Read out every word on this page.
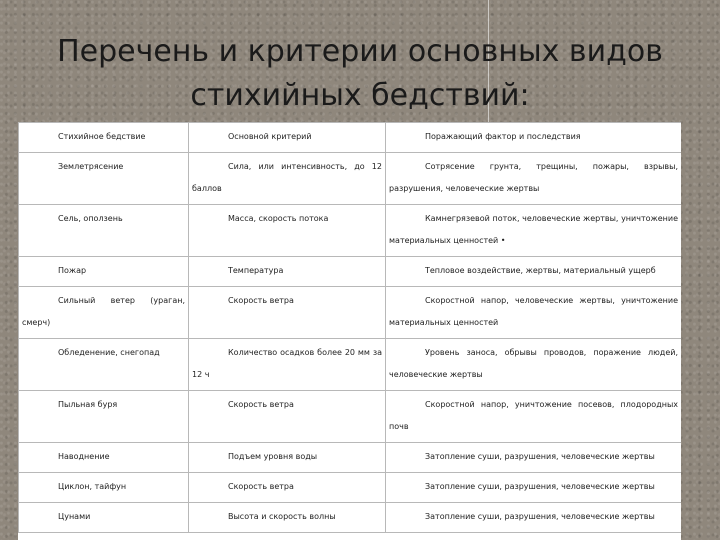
Перечень и критерии основных видов
стихийных бедствий:
Стихийное бедствие	Основной критерий	Поражающий фактор и последствия

Землетрясение	Сила, или интенсивность, до 12 баллов	Сотрясение грунта, трещины, пожары, взрывы, разрушения, человеческие жертвы

Сель, оползень	Масса, скорость потока	Камнегрязевой поток, человеческие жертвы, уничтожение материальных ценностей •

Пожар	Температура	Тепловое воздействие, жертвы, материальный ущерб

Сильный ветер (ураган, смерч)	Скорость ветра	Скоростной напор, человеческие жертвы, уничтожение материальных ценностей

Обледенение, снегопад	Количество осадков более 20 мм за 12 ч	Уровень заноса, обрывы проводов, поражение людей, человеческие жертвы

Пыльная буря	Скорость ветра	Скоростной напор, уничтожение посевов, плодородных почв

Наводнение	Подъем уровня воды	Затопление суши, разрушения, человеческие жертвы

Циклон, тайфун	Скорость ветра	Затопление суши, разрушения, человеческие жертвы

Цунами	Высота и скорость волны	Затопление суши, разрушения, человеческие жертвы
